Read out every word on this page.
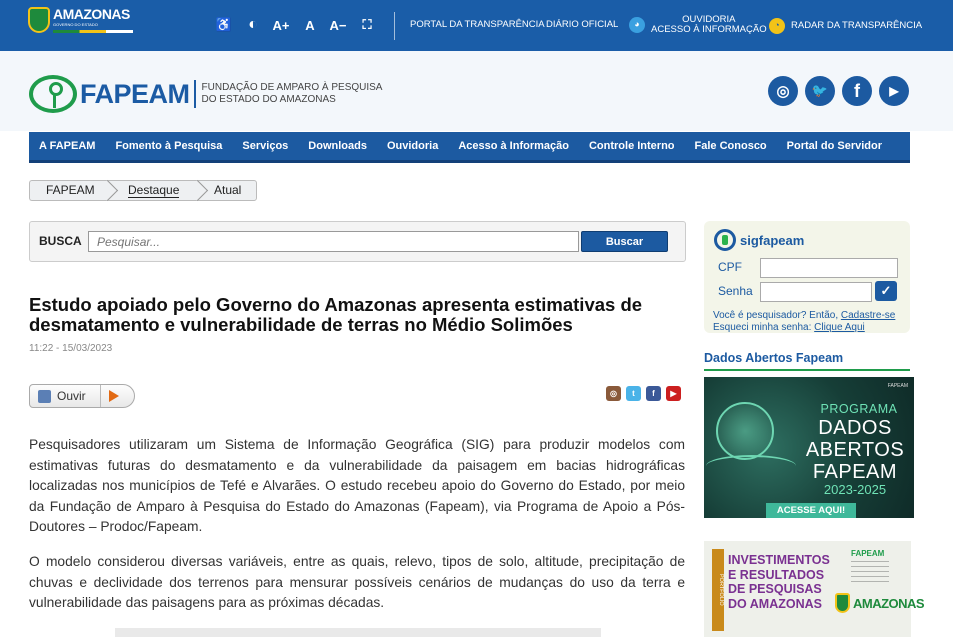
AMAZONAS
GOVERNO DO ESTADO	♿	◐	A+	A	A−	⛶	PORTAL DA TRANSPARÊNCIA DIÁRIO OFICIAL	◕	OUVIDORIA
ACESSO À INFORMAÇÃO ◔	RADAR DA TRANSPARÊNCIA
FAPEAM FUNDAÇÃO DE AMPARO À PESQUISA
DO ESTADO DO AMAZONAS	◎	🐦	f	▶
A FAPEAM Fomento à Pesquisa Serviços Downloads Ouvidoria Acesso à Informação Controle Interno Fale Conosco Portal do Servidor
FAPEAM	Destaque	Atual
BUSCA
Pesquisar...	Buscar
Estudo apoiado pelo Governo do Amazonas apresenta estimativas de desmatamento e vulnerabilidade de terras no Médio Solimões
11:22 - 15/03/2023
Ouvir	◎	t	f	▶

Pesquisadores utilizaram um Sistema de Informação Geográfica (SIG) para produzir modelos com estimativas futuras do desmatamento e da vulnerabilidade da paisagem em bacias hidrográficas localizadas nos municípios de Tefé e Alvarães. O estudo recebeu apoio do Governo do Estado, por meio da Fundação de Amparo à Pesquisa do Estado do Amazonas (Fapeam), via Programa de Apoio a Pós-Doutores – Prodoc/Fapeam.

O modelo considerou diversas variáveis, entre as quais, relevo, tipos de solo, altitude, precipitação de chuvas e declividade dos terrenos para mensurar possíveis cenários de mudanças do uso da terra e vulnerabilidade das paisagens para as próximas décadas.

sigfapeam
CPF
Senha	✓
Você é pesquisador? Então, Cadastre-se
Esqueci minha senha: Clique Aqui
Dados Abertos Fapeam
FAPEAM
PROGRAMA
DADOS ABERTOS FAPEAM
2023-2025
ACESSE AQUI!
PORTFÓLIO
INVESTIMENTOS E RESULTADOS DE PESQUISAS DO AMAZONAS
FAPEAM
AMAZONAS
